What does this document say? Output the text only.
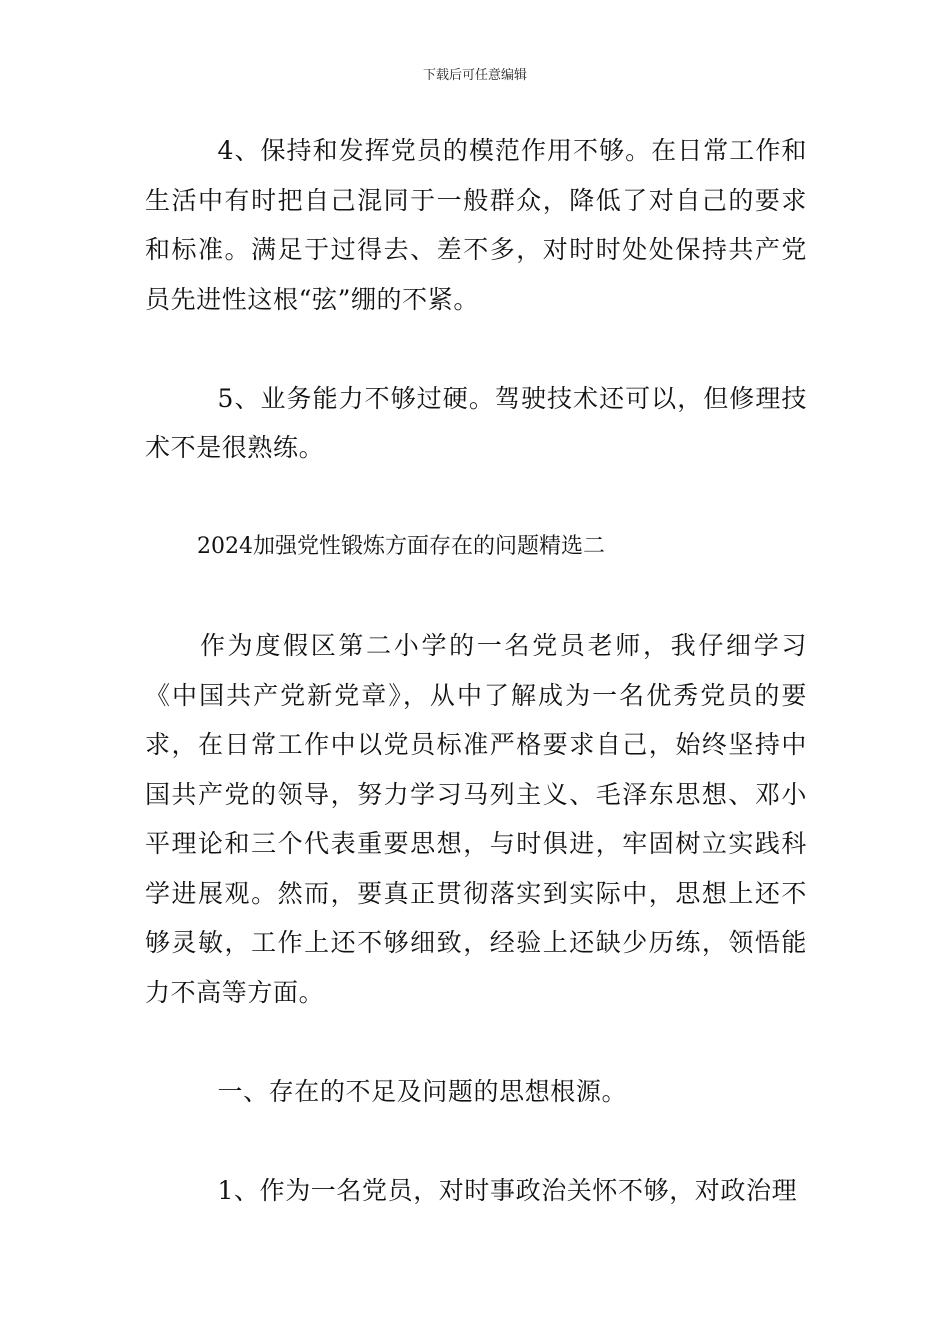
下载后可任意编辑

4、保持和发挥党员的模范作用不够。在日常工作和生活中有时把自己混同于一般群众，降低了对自己的要求和标准。满足于过得去、差不多，对时时处处保持共产党员先进性这根“弦”绷的不紧。

5、业务能力不够过硬。驾驶技术还可以，但修理技术不是很熟练。

2024加强党性锻炼方面存在的问题精选二

作为度假区第二小学的一名党员老师，我仔细学习《中国共产党新党章》，从中了解成为一名优秀党员的要求，在日常工作中以党员标准严格要求自己，始终坚持中国共产党的领导，努力学习马列主义、毛泽东思想、邓小平理论和三个代表重要思想，与时俱进，牢固树立实践科学进展观。然而，要真正贯彻落实到实际中，思想上还不够灵敏，工作上还不够细致，经验上还缺少历练，领悟能力不高等方面。

一、存在的不足及问题的思想根源。

1、作为一名党员，对时事政治关怀不够，对政治理
